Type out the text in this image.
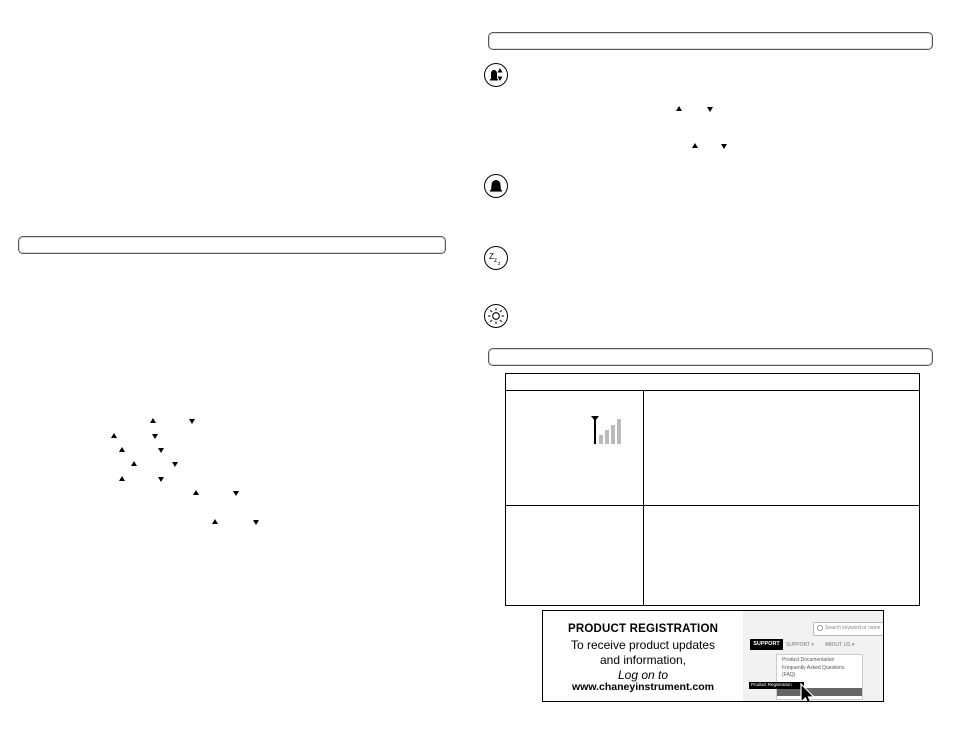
Z z z

PRODUCT REGISTRATION
To receive product updates
and information,
Log on to
www.chaneyinstrument.com
Search keyword or name
SUPPORT	SUPPORT ▾ ABOUT US ▾
Product Documentation
Frequently Asked Questions
(FAQ)
Product Registration
